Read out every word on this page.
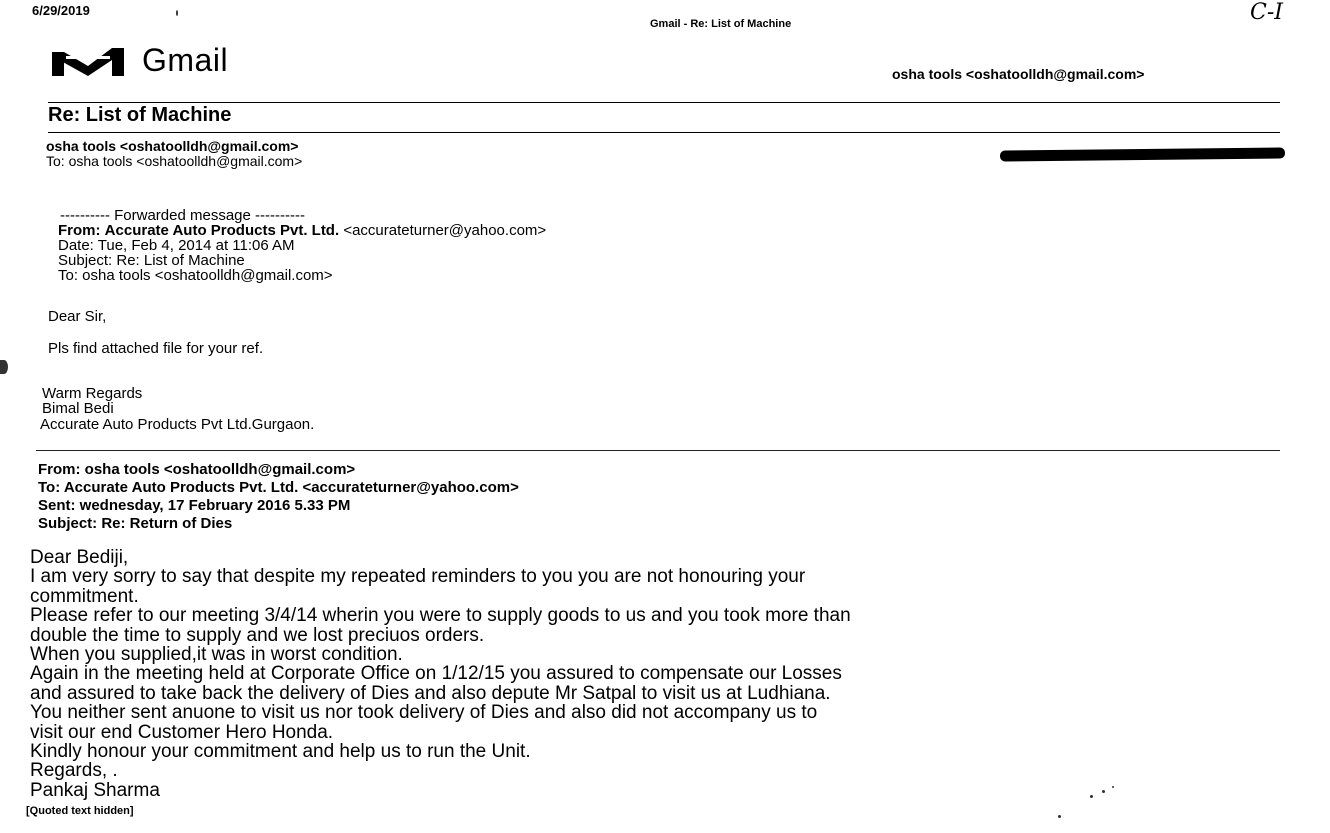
6/29/2019
Gmail - Re: List of Machine	C-I
Gmail	osha tools <oshatoolldh@gmail.com>
Re: List of Machine
osha tools <oshatoolldh@gmail.com>
To: osha tools <oshatoolldh@gmail.com>
---------- Forwarded message ----------
From: Accurate Auto Products Pvt. Ltd. <accurateturner@yahoo.com>
Date: Tue, Feb 4, 2014 at 11:06 AM
Subject: Re: List of Machine
To: osha tools <oshatoolldh@gmail.com>
Dear Sir,
Pls find attached file for your ref.
Warm Regards
Bimal Bedi
Accurate Auto Products Pvt Ltd.Gurgaon.
From: osha tools <oshatoolldh@gmail.com>
To: Accurate Auto Products Pvt. Ltd. <accurateturner@yahoo.com>
Sent: wednesday, 17 February 2016 5.33 PM
Subject: Re: Return of Dies
Dear Bediji,
I am very sorry to say that despite my repeated reminders to you you are not honouring your
commitment.
Please refer to our meeting 3/4/14 wherin you were to supply goods to us and you took more than
double the time to supply and we lost preciuos orders.
When you supplied,it was in worst condition.
Again in the meeting held at Corporate Office on 1/12/15 you assured to compensate our Losses
and assured to take back the delivery of Dies and also depute Mr Satpal to visit us at Ludhiana.
You neither sent anuone to visit us nor took delivery of Dies and also did not accompany us to
visit our end Customer Hero Honda.
Kindly honour your commitment and help us to run the Unit.
Regards, .
Pankaj Sharma
[Quoted text hidden]
